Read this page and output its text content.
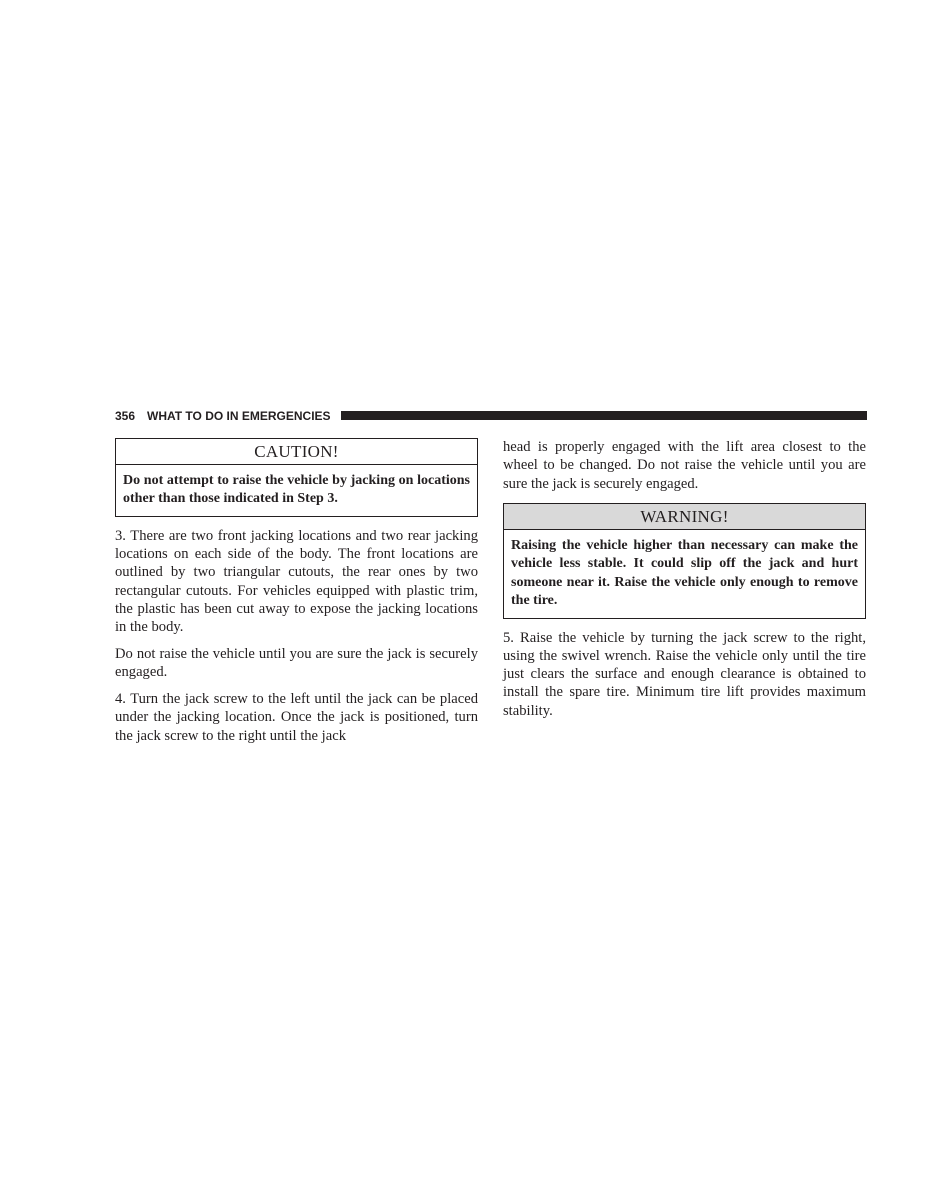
356 WHAT TO DO IN EMERGENCIES
CAUTION!
Do not attempt to raise the vehicle by jacking on locations other than those indicated in Step 3.

3. There are two front jacking locations and two rear jacking locations on each side of the body. The front locations are outlined by two triangular cutouts, the rear ones by two rectangular cutouts. For vehicles equipped with plastic trim, the plastic has been cut away to expose the jacking locations in the body.

Do not raise the vehicle until you are sure the jack is securely engaged.

4. Turn the jack screw to the left until the jack can be placed under the jacking location. Once the jack is positioned, turn the jack screw to the right until the jack

head is properly engaged with the lift area closest to the wheel to be changed. Do not raise the vehicle until you are sure the jack is securely engaged.

WARNING!
Raising the vehicle higher than necessary can make the vehicle less stable. It could slip off the jack and hurt someone near it. Raise the vehicle only enough to remove the tire.

5. Raise the vehicle by turning the jack screw to the right, using the swivel wrench. Raise the vehicle only until the tire just clears the surface and enough clearance is obtained to install the spare tire. Minimum tire lift provides maximum stability.
